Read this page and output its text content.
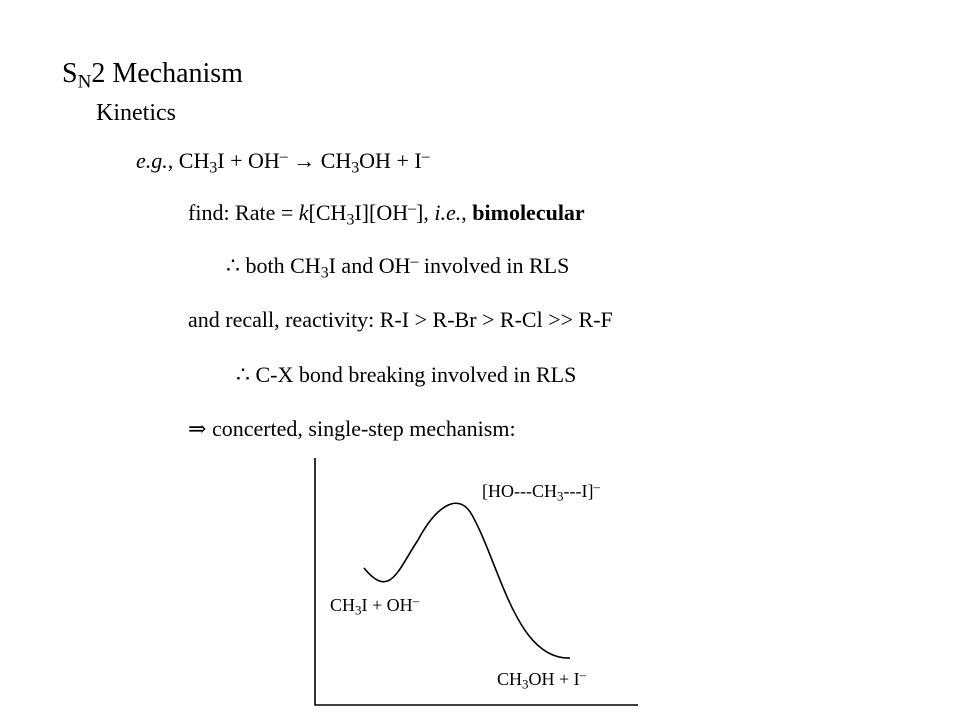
$S_N2$ Mechanism
Kinetics
e.g., $CH_3I + OH^- \to CH_3OH + I^-$
find: Rate = $k[CH_3I][OH^-]$, i.e., bimolecular
∴ both $CH_3I$ and OH– involved in RLS
and recall, reactivity: R-I > R-Br > R-Cl >> R-F
∴ C-X bond breaking involved in RLS
⇒ concerted, single-step mechanism:
$[HO---CH_3---I]^-$
$CH_3I + OH^-$
$CH_3OH + I^-$
